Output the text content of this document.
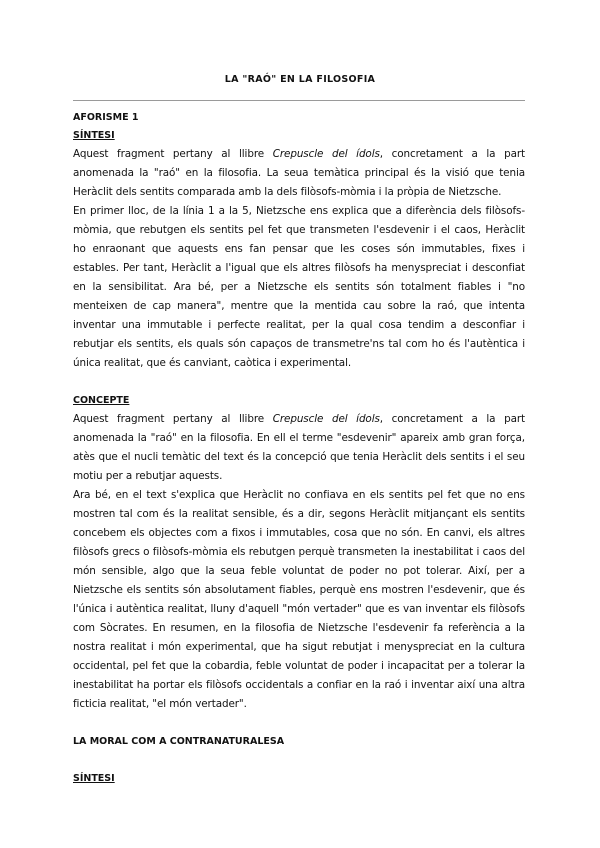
LA "RAÓ" EN LA FILOSOFIA
AFORISME 1
SÍNTESI

Aquest fragment pertany al llibre Crepuscle del ídols, concretament a la part anomenada la "raó" en la filosofia. La seua temàtica principal és la visió que tenia Heràclit dels sentits comparada amb la dels filòsofs-mòmia i la pròpia de Nietzsche.

En primer lloc, de la línia 1 a la 5, Nietzsche ens explica que a diferència dels filòsofs-mòmia, que rebutgen els sentits pel fet que transmeten l'esdevenir i el caos, Heràclit ho enraonant que aquests ens fan pensar que les coses són immutables, fixes i estables. Per tant, Heràclit a l'igual que els altres filòsofs ha menyspreciat i desconfiat en la sensibilitat. Ara bé, per a Nietzsche els sentits són totalment fiables i "no menteixen de cap manera", mentre que la mentida cau sobre la raó, que intenta inventar una immutable i perfecte realitat, per la qual cosa tendim a desconfiar i rebutjar els sentits, els quals són capaços de transmetre'ns tal com ho és l'autèntica i única realitat, que és canviant, caòtica i experimental.

CONCEPTE

Aquest fragment pertany al llibre Crepuscle del ídols, concretament a la part anomenada la "raó" en la filosofia. En ell el terme "esdevenir" apareix amb gran força, atès que el nucli temàtic del text és la concepció que tenia Heràclit dels sentits i el seu motiu per a rebutjar aquests.

Ara bé, en el text s'explica que Heràclit no confiava en els sentits pel fet que no ens mostren tal com és la realitat sensible, és a dir, segons Heràclit mitjançant els sentits concebem els objectes com a fixos i immutables, cosa que no són. En canvi, els altres filòsofs grecs o filòsofs-mòmia els rebutgen perquè transmeten la inestabilitat i caos del món sensible, algo que la seua feble voluntat de poder no pot tolerar. Així, per a Nietzsche els sentits són absolutament fiables, perquè ens mostren l'esdevenir, que és l'única i autèntica realitat, lluny d'aquell "món vertader" que es van inventar els filòsofs com Sòcrates. En resumen, en la filosofia de Nietzsche l'esdevenir fa referència a la nostra realitat i món experimental, que ha sigut rebutjat i menyspreciat en la cultura occidental, pel fet que la cobardia, feble voluntat de poder i incapacitat per a tolerar la inestabilitat ha portar els filòsofs occidentals a confiar en la raó i inventar així una altra ficticia realitat, "el món vertader".

LA MORAL COM A CONTRANATURALESA
SÍNTESI
